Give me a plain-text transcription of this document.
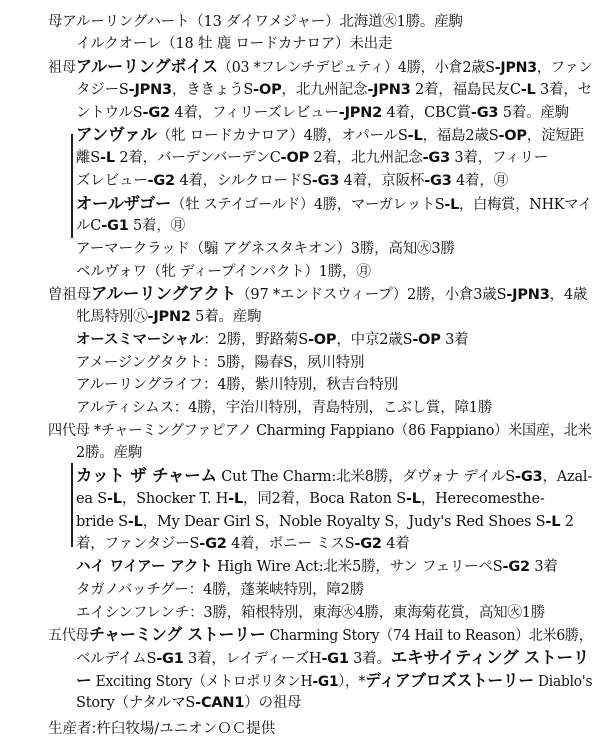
母アルーリングハート（13 ダイワメジャー）北海道㊋1勝。産駒
イルクオーレ（18 牡 鹿 ロードカナロア）未出走
祖母アルーリングボイス（03 *フレンチデピュティ）4勝，小倉2歳S-JPN3，ファン
タジーS-JPN3，ききょうS-OP，北九州記念-JPN3 2着，福島民友C-L 3着，セ
ントウルS-G2 4着，フィリーズレビュー-JPN2 4着，CBC賞-G3 5着。産駒
アンヴァル（牝 ロードカナロア）4勝，オパールS-L，福島2歳S-OP，淀短距
離S-L 2着，バーデンバーデンC-OP 2着，北九州記念-G3 3着，フィリー
ズレビュー-G2 4着，シルクロードS-G3 4着，京阪杯-G3 4着，㊊
オールザゴー（牡 ステイゴールド）4勝，マーガレットS-L，白梅賞，NHKマイ
ルC-G1 5着，㊊
アーマークラッド（騸 アグネスタキオン）3勝，高知㊋3勝
ベルヴォワ（牝 ディープインパクト）1勝，㊊
曽祖母アルーリングアクト（97 *エンドスウィープ）2勝，小倉3歳S-JPN3，4歳
牝馬特別㊇-JPN2 5着。産駒
オースミマーシャル：2勝，野路菊S-OP，中京2歳S-OP 3着
アメージングタクト：5勝，陽春S，夙川特別
アルーリングライフ：4勝，紫川特別，秋吉台特別
アルティシムス：4勝，宇治川特別，青島特別，こぶし賞，障1勝
四代母 *チャーミングファピアノ Charming Fappiano（86 Fappiano）米国産，北米
2勝。産駒
カット ザ チャーム Cut The Charm:北米8勝，ダヴォナ デイルS-G3，Azal-
ea S-L，Shocker T. H-L，同2着，Boca Raton S-L，Herecomesthe-
bride S-L，My Dear Girl S，Noble Royalty S，Judy's Red Shoes S-L 2
着，ファンタジーS-G2 4着，ボニー ミスS-G2 4着
ハイ ワイアー アクト High Wire Act:北米5勝，サン フェリーペS-G2 3着
タガノバッチグー：4勝，蓬莱峡特別，障2勝
エイシンフレンチ：3勝，箱根特別，東海㊋4勝，東海菊花賞，高知㊋1勝
五代母チャーミング ストーリー Charming Story（74 Hail to Reason）北米6勝，
ベルデイムS-G1 3着，レイディーズH-G1 3着。エキサイティング ストーリ
ー Exciting Story（メトロポリタンH-G1），*ディアブロズストーリー Diablo's
Story（ナタルマS-CAN1）の祖母
生産者:杵臼牧場/ユニオンＯＣ提供
